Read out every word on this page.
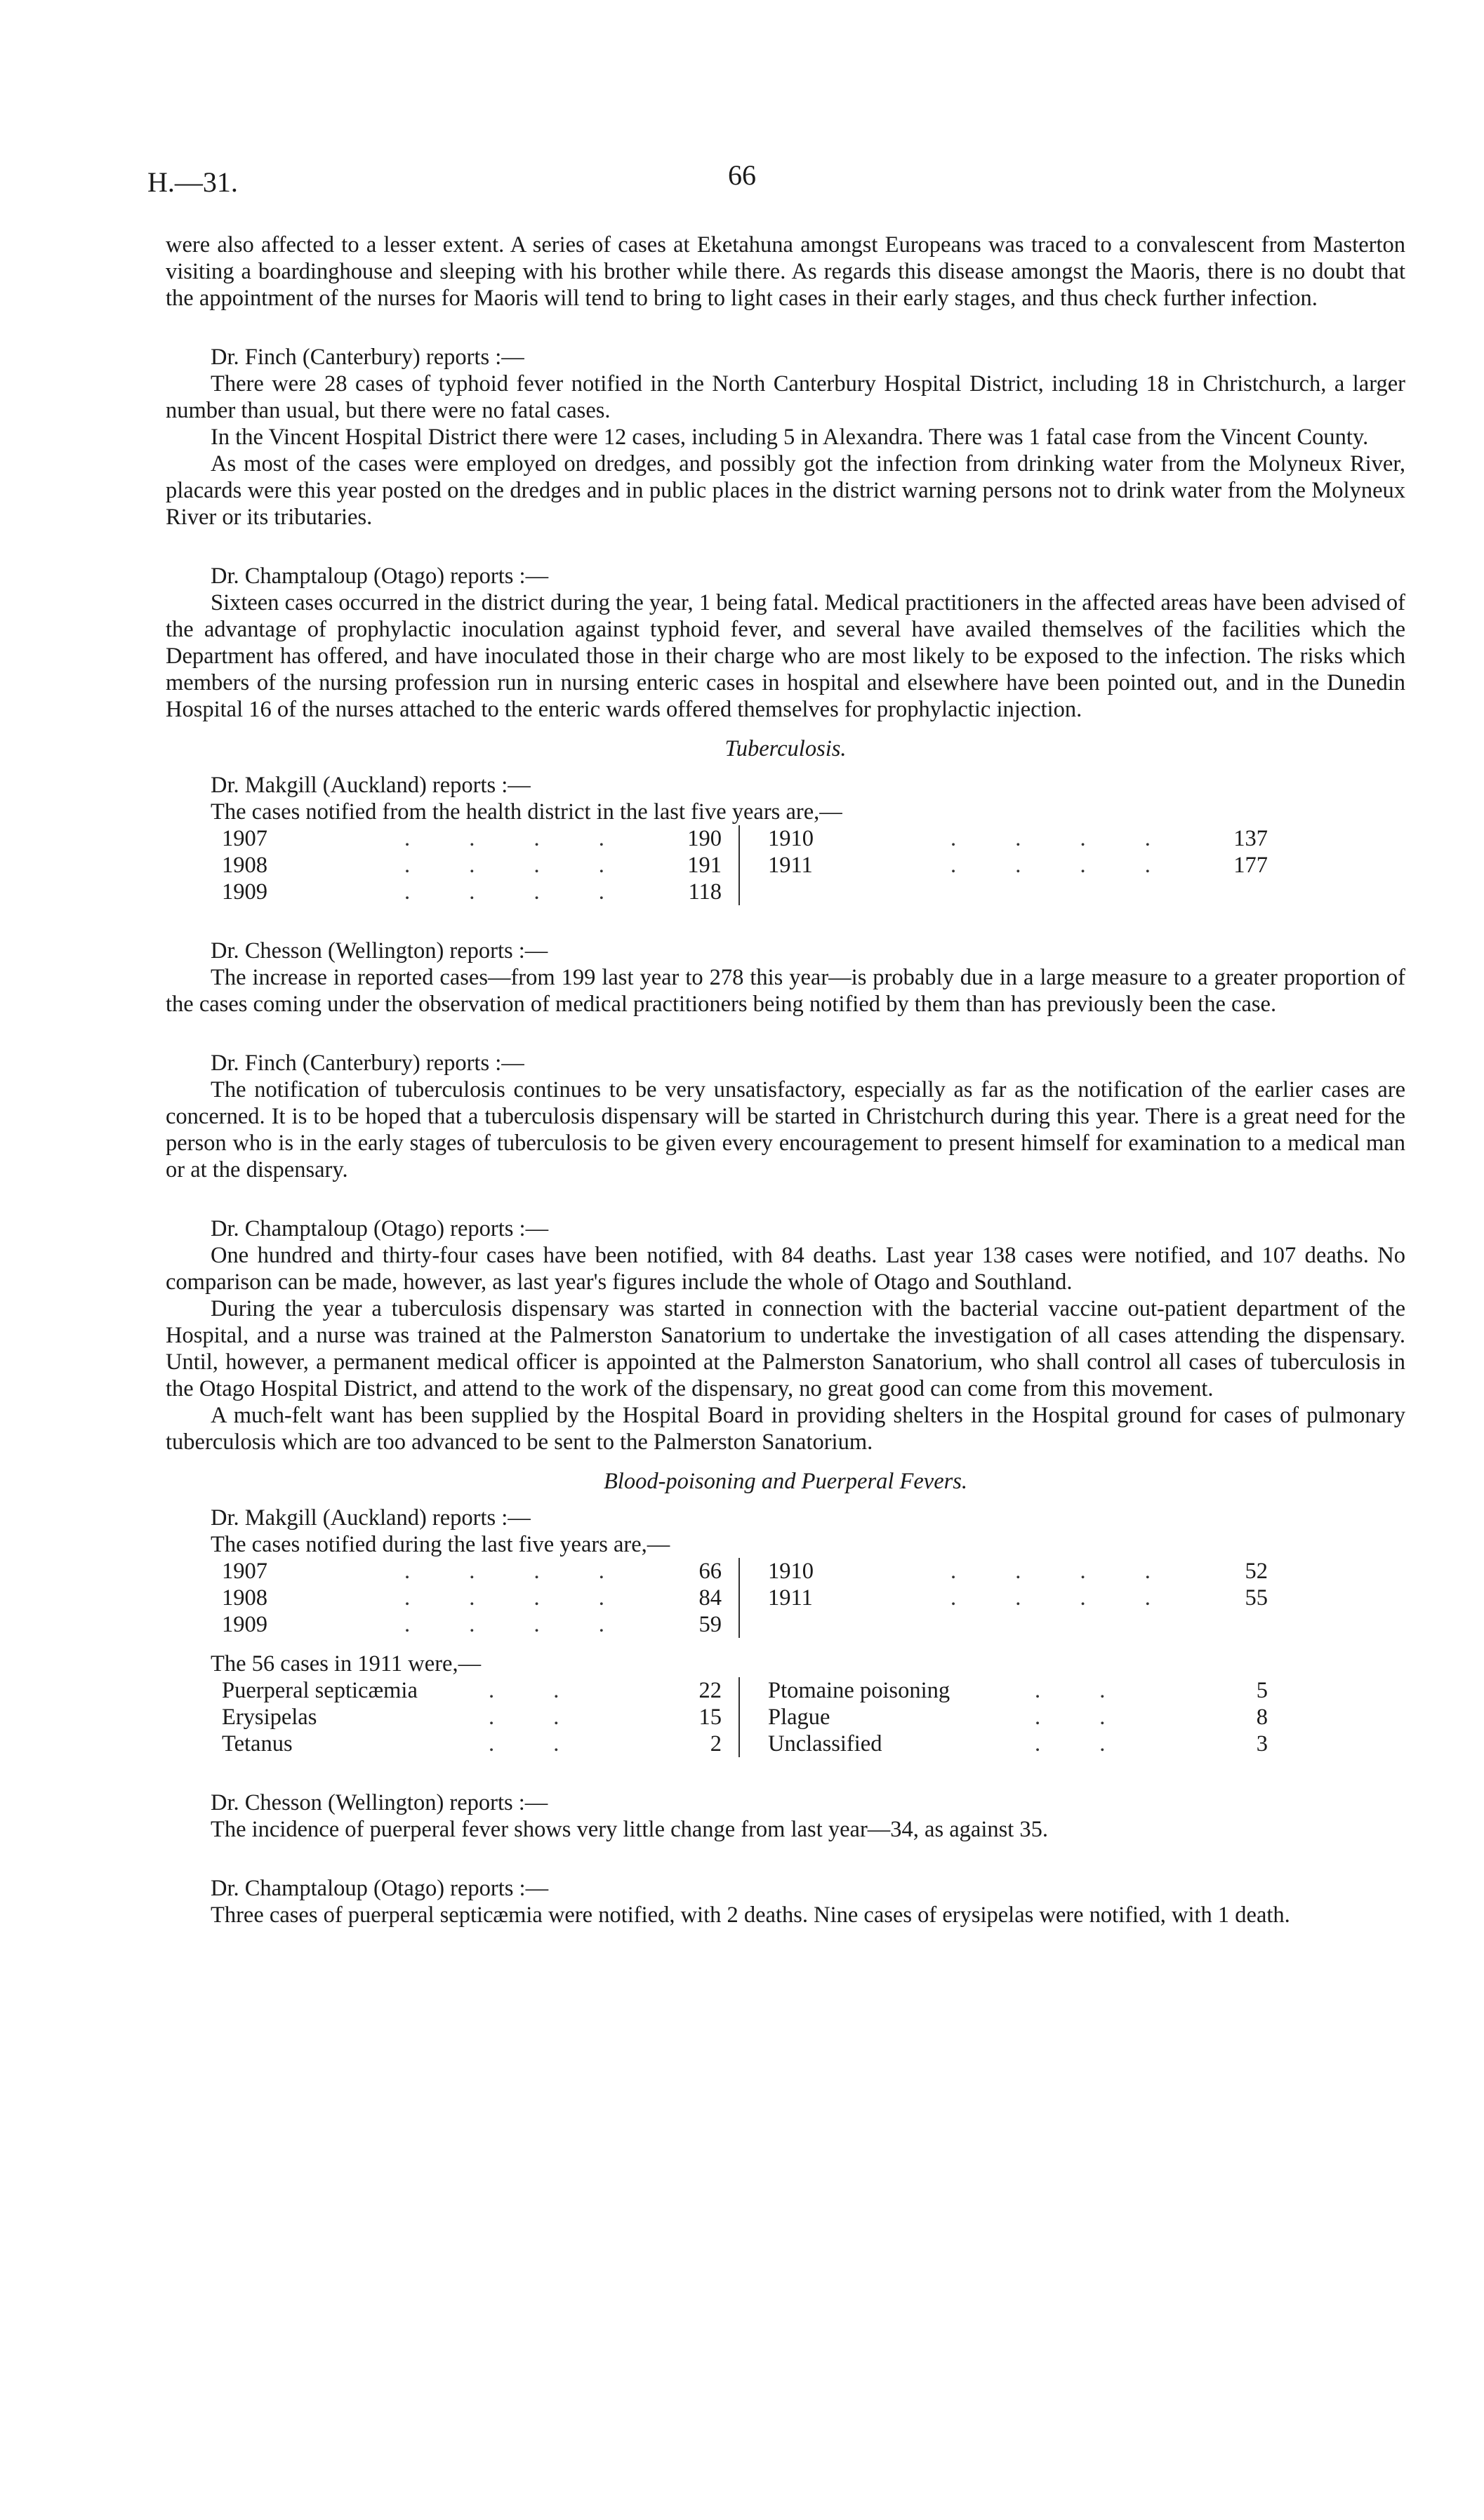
H.—31.	66

were also affected to a lesser extent. A series of cases at Eketahuna amongst Europeans was traced to a convalescent from Masterton visiting a boardinghouse and sleeping with his brother while there. As regards this disease amongst the Maoris, there is no doubt that the appointment of the nurses for Maoris will tend to bring to light cases in their early stages, and thus check further infection.

Dr. Finch (Canterbury) reports :—

There were 28 cases of typhoid fever notified in the North Canterbury Hospital District, including 18 in Christchurch, a larger number than usual, but there were no fatal cases.

In the Vincent Hospital District there were 12 cases, including 5 in Alexandra. There was 1 fatal case from the Vincent County.

As most of the cases were employed on dredges, and possibly got the infection from drinking water from the Molyneux River, placards were this year posted on the dredges and in public places in the district warning persons not to drink water from the Molyneux River or its tributaries.

Dr. Champtaloup (Otago) reports :—

Sixteen cases occurred in the district during the year, 1 being fatal. Medical practitioners in the affected areas have been advised of the advantage of prophylactic inoculation against typhoid fever, and several have availed themselves of the facilities which the Department has offered, and have inoculated those in their charge who are most likely to be exposed to the infection. The risks which members of the nursing profession run in nursing enteric cases in hospital and elsewhere have been pointed out, and in the Dunedin Hospital 16 of the nurses attached to the enteric wards offered themselves for prophylactic injection.

Tuberculosis.

Dr. Makgill (Auckland) reports :—

The cases notified from the health district in the last five years are,—

1907	. . . .	190
1908	. . . .	191
1909	. . . .	118
1910	. . . .	137
1911	. . . .	177

Dr. Chesson (Wellington) reports :—

The increase in reported cases—from 199 last year to 278 this year—is probably due in a large measure to a greater proportion of the cases coming under the observation of medical practitioners being notified by them than has previously been the case.

Dr. Finch (Canterbury) reports :—

The notification of tuberculosis continues to be very unsatisfactory, especially as far as the notification of the earlier cases are concerned. It is to be hoped that a tuberculosis dispensary will be started in Christchurch during this year. There is a great need for the person who is in the early stages of tuberculosis to be given every encouragement to present himself for examination to a medical man or at the dispensary.

Dr. Champtaloup (Otago) reports :—

One hundred and thirty-four cases have been notified, with 84 deaths. Last year 138 cases were notified, and 107 deaths. No comparison can be made, however, as last year's figures include the whole of Otago and Southland.

During the year a tuberculosis dispensary was started in connection with the bacterial vaccine out-patient department of the Hospital, and a nurse was trained at the Palmerston Sanatorium to undertake the investigation of all cases attending the dispensary. Until, however, a permanent medical officer is appointed at the Palmerston Sanatorium, who shall control all cases of tuberculosis in the Otago Hospital District, and attend to the work of the dispensary, no great good can come from this movement.

A much-felt want has been supplied by the Hospital Board in providing shelters in the Hospital ground for cases of pulmonary tuberculosis which are too advanced to be sent to the Palmerston Sanatorium.

Blood-poisoning and Puerperal Fevers.

Dr. Makgill (Auckland) reports :—

The cases notified during the last five years are,—

1907	. . . .	66
1908	. . . .	84
1909	. . . .	59
1910	. . . .	52
1911	. . . .	55

The 56 cases in 1911 were,—

Puerperal septicæmia	. .	22
Erysipelas	. .	15
Tetanus	. .	2
Ptomaine poisoning	. .	5
Plague	. .	8
Unclassified	. .	3

Dr. Chesson (Wellington) reports :—

The incidence of puerperal fever shows very little change from last year—34, as against 35.

Dr. Champtaloup (Otago) reports :—

Three cases of puerperal septicæmia were notified, with 2 deaths. Nine cases of erysipelas were notified, with 1 death.
